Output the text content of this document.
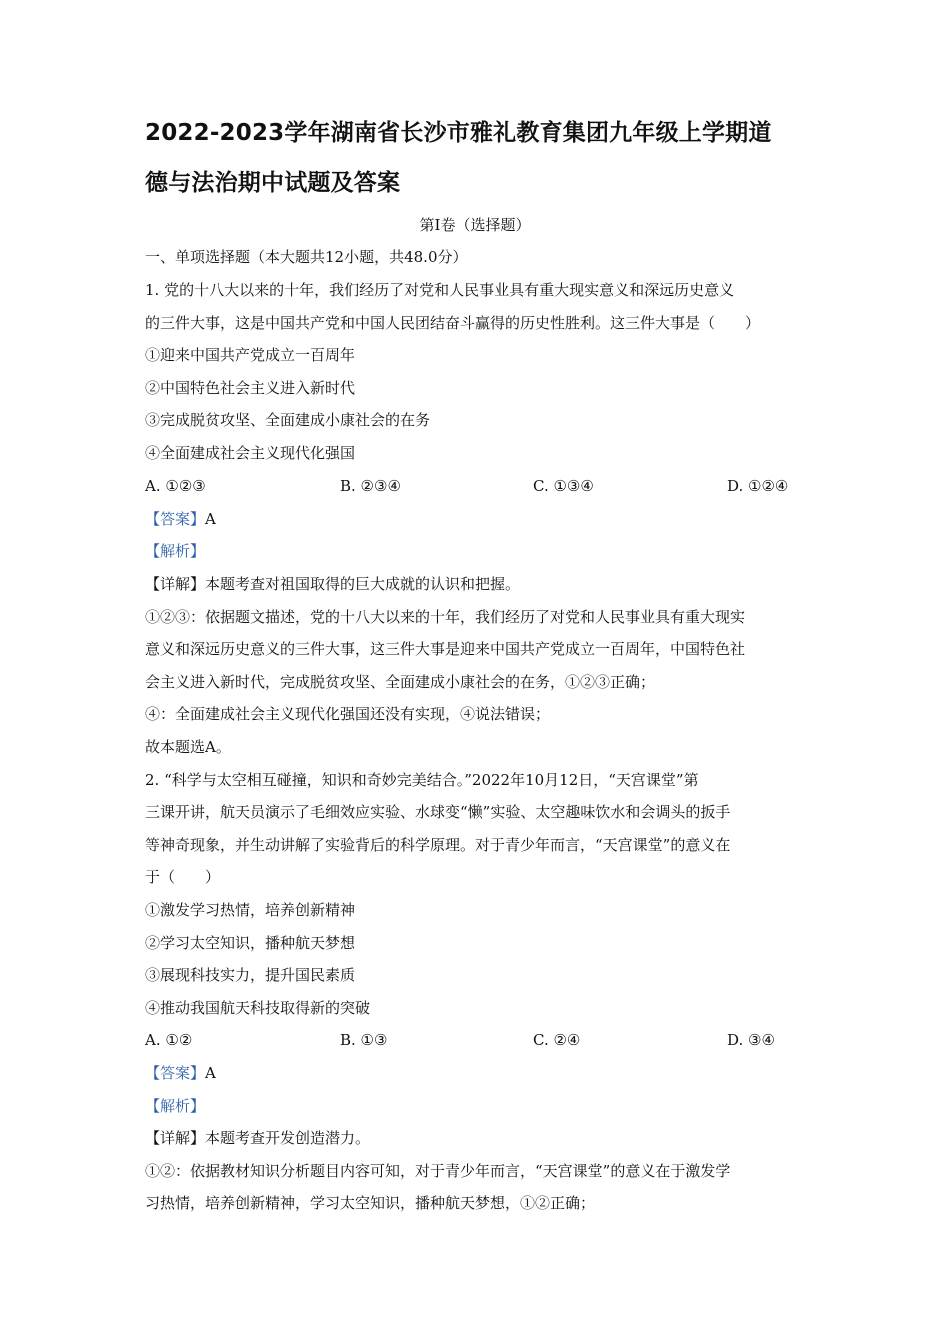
2022-2023学年湖南省长沙市雅礼教育集团九年级上学期道
德与法治期中试题及答案
第Ⅰ卷（选择题）
一、单项选择题（本大题共12小题，共48.0分）
1. 党的十八大以来的十年，我们经历了对党和人民事业具有重大现实意义和深远历史意义
的三件大事，这是中国共产党和中国人民团结奋斗赢得的历史性胜利。这三件大事是（　　）
①迎来中国共产党成立一百周年
②中国特色社会主义进入新时代
③完成脱贫攻坚、全面建成小康社会的在务
④全面建成社会主义现代化强国
A. ①②③	B. ②③④	C. ①③④	D. ①②④
【答案】A
【解析】
【详解】本题考查对祖国取得的巨大成就的认识和把握。
①②③：依据题文描述，党的十八大以来的十年，我们经历了对党和人民事业具有重大现实
意义和深远历史意义的三件大事，这三件大事是迎来中国共产党成立一百周年，中国特色社
会主义进入新时代，完成脱贫攻坚、全面建成小康社会的在务，①②③正确；
④：全面建成社会主义现代化强国还没有实现，④说法错误；
故本题选A。
2. “科学与太空相互碰撞，知识和奇妙完美结合。”2022年10月12日，“天宫课堂”第
三课开讲，航天员演示了毛细效应实验、水球变“懒”实验、太空趣味饮水和会调头的扳手
等神奇现象，并生动讲解了实验背后的科学原理。对于青少年而言，“天宫课堂”的意义在
于（　　）
①激发学习热情，培养创新精神
②学习太空知识，播种航天梦想
③展现科技实力，提升国民素质
④推动我国航天科技取得新的突破
A. ①②	B. ①③	C. ②④	D. ③④
【答案】A
【解析】
【详解】本题考查开发创造潜力。
①②：依据教材知识分析题目内容可知，对于青少年而言，“天宫课堂”的意义在于激发学
习热情，培养创新精神，学习太空知识，播种航天梦想，①②正确；
